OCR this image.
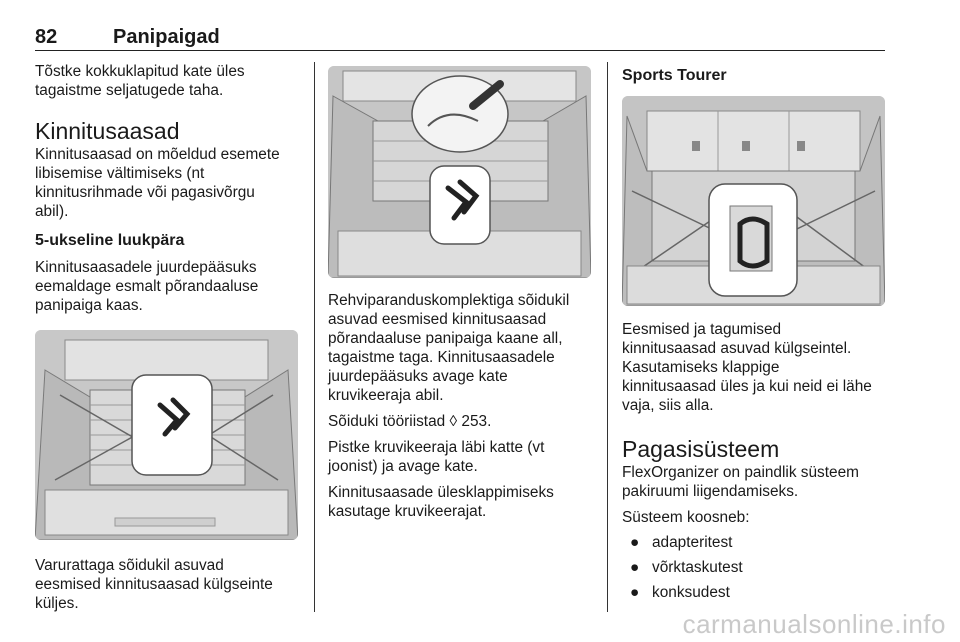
82	Panipaigad

Tõstke kokkuklapitud kate üles

tagaistme seljatugede taha.

Kinnitusaasad

Kinnitusaasad on mõeldud esemete

libisemise vältimiseks (nt

kinnitusrihmade või pagasivõrgu

abil).

5-ukseline luukpära

Kinnitusaasadele juurdepääsuks

eemaldage esmalt põrandaaluse

panipaiga kaas.

Varurattaga sõidukil asuvad

eesmised kinnitusaasad külgseinte

küljes.

Rehviparanduskomplektiga sõidukil

asuvad eesmised kinnitusaasad

põrandaaluse panipaiga kaane all,

tagaistme taga. Kinnitusaasadele

juurdepääsuks avage kate

kruvikeeraja abil.

Sõiduki tööriistad ◊ 253.

Pistke kruvikeeraja läbi katte (vt

joonist) ja avage kate.

Kinnitusaasade ülesklappimiseks

kasutage kruvikeerajat.

Sports Tourer

Eesmised ja tagumised

kinnitusaasad asuvad külgseintel.

Kasutamiseks klappige

kinnitusaasad üles ja kui neid ei lähe

vaja, siis alla.

Pagasisüsteem

FlexOrganizer on paindlik süsteem

pakiruumi liigendamiseks.

Süsteem koosneb:

● adapteritest
● võrktaskutest
● konksudest
carmanualsonline.info
